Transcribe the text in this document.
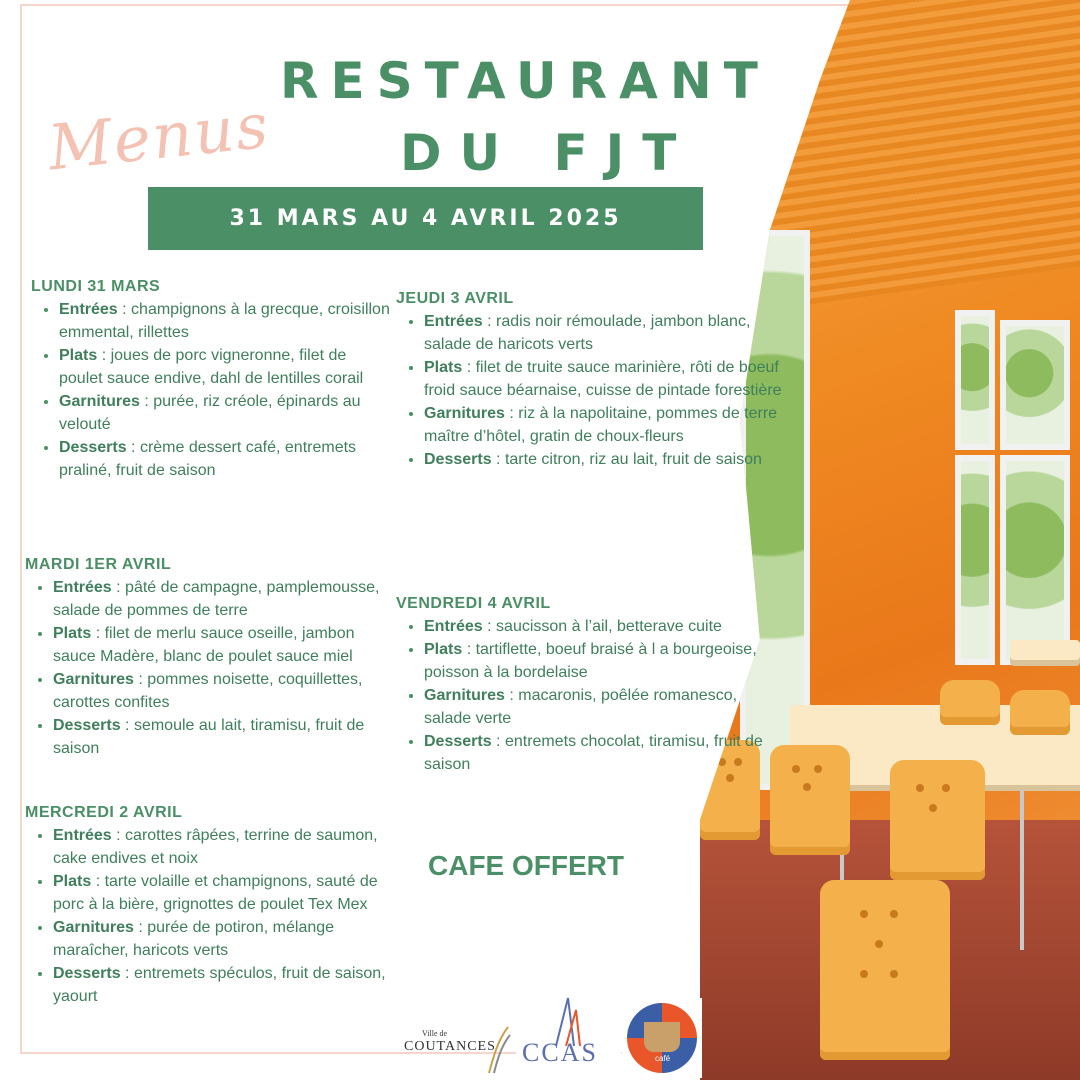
Menus
RESTAURANT
DU FJT
31 MARS AU 4 AVRIL 2025
LUNDI 31 MARS
• Entrées : champignons à la grecque, croisillon emmental, rillettes
• Plats : joues de porc vigneronne, filet de poulet sauce endive, dahl de lentilles corail
• Garnitures : purée, riz créole, épinards au velouté
• Desserts : crème dessert café, entremets praliné, fruit de saison
MARDI 1ER AVRIL
• Entrées : pâté de campagne, pamplemousse, salade de pommes de terre
• Plats : filet de merlu sauce oseille, jambon sauce Madère, blanc de poulet sauce miel
• Garnitures : pommes noisette, coquillettes, carottes confites
• Desserts : semoule au lait, tiramisu, fruit de saison
MERCREDI 2 AVRIL
• Entrées : carottes râpées, terrine de saumon, cake endives et noix
• Plats : tarte volaille et champignons, sauté de porc à la bière, grignottes de poulet Tex Mex
• Garnitures : purée de potiron, mélange maraîcher, haricots verts
• Desserts : entremets spéculos, fruit de saison, yaourt
JEUDI 3 AVRIL
• Entrées : radis noir rémoulade, jambon blanc, salade de haricots verts
• Plats : filet de truite sauce marinière, rôti de boeuf froid sauce béarnaise, cuisse de pintade forestière
• Garnitures : riz à la napolitaine, pommes de terre maître d’hôtel, gratin de choux-fleurs
• Desserts : tarte citron, riz au lait, fruit de saison
VENDREDI 4 AVRIL
• Entrées : saucisson à l’ail, betterave cuite
• Plats : tartiflette, boeuf braisé à l a bourgeoise, poisson à la bordelaise
• Garnitures : macaronis, poêlée romanesco, salade verte
• Desserts : entremets chocolat, tiramisu, fruit de saison
CAFE OFFERT
Ville de
COUTANCES CCAS	café
